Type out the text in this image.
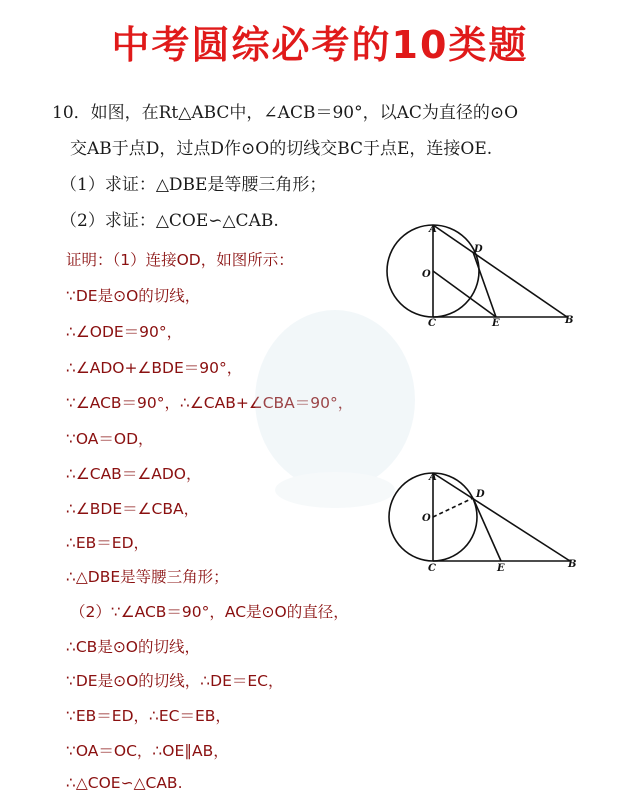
中考圆综必考的10类题
10．如图，在Rt△ABC中，∠ACB＝90°，以AC为直径的⊙O
交AB于点D，过点D作⊙O的切线交BC于点E，连接OE.
（1）求证：△DBE是等腰三角形；
（2）求证：△COE∽△CAB.
证明：（1）连接OD，如图所示：
∵DE是⊙O的切线，
∴∠ODE＝90°，
∴∠ADO+∠BDE＝90°，
∵∠ACB＝90°，∴∠CAB+∠CBA＝90°，
∵OA＝OD，
∴∠CAB＝∠ADO，
∴∠BDE＝∠CBA，
∴EB＝ED，
∴△DBE是等腰三角形；
（2）∵∠ACB＝90°，AC是⊙O的直径，
∴CB是⊙O的切线，
∵DE是⊙O的切线，∴DE＝EC，
∵EB＝ED，∴EC＝EB，
∵OA＝OC，∴OE∥AB，
∴△COE∽△CAB.
A
D
O
C	E	B
A
D
O
C	E	B
